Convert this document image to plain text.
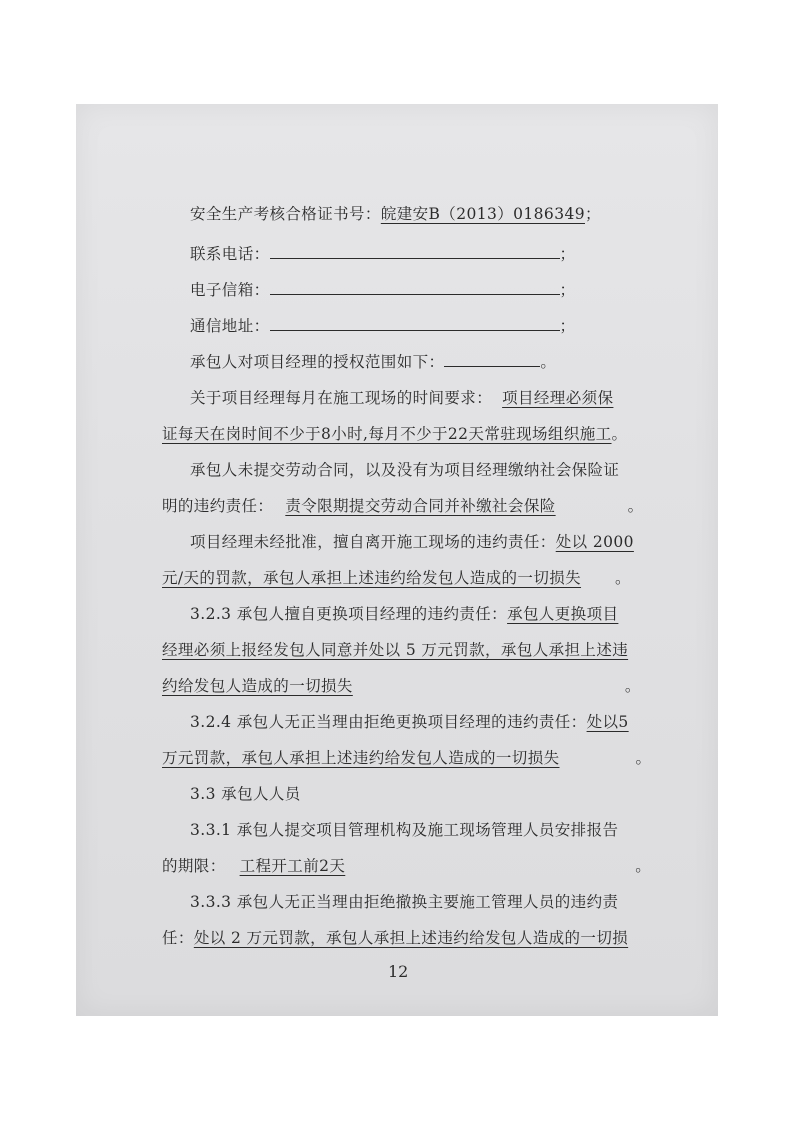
安全生产考核合格证书号：皖建安B（2013）0186349；
联系电话：	；
电子信箱：	；
通信地址：	；
承包人对项目经理的授权范围如下：	。
关于项目经理每月在施工现场的时间要求： 项目经理必须保
证每天在岗时间不少于8小时,每月不少于22天常驻现场组织施工。
承包人未提交劳动合同，以及没有为项目经理缴纳社会保险证
明的违约责任： 责令限期提交劳动合同并补缴社会保险	。
项目经理未经批准，擅自离开施工现场的违约责任：处以 2000
元/天的罚款，承包人承担上述违约给发包人造成的一切损失 。
3.2.3 承包人擅自更换项目经理的违约责任：承包人更换项目
经理必须上报经发包人同意并处以 5 万元罚款，承包人承担上述违
约给发包人造成的一切损失	。
3.2.4 承包人无正当理由拒绝更换项目经理的违约责任：处以5
万元罚款，承包人承担上述违约给发包人造成的一切损失	。
3.3 承包人人员
3.3.1 承包人提交项目管理机构及施工现场管理人员安排报告
的期限： 工程开工前2天	。
3.3.3 承包人无正当理由拒绝撤换主要施工管理人员的违约责
任：处以 2 万元罚款，承包人承担上述违约给发包人造成的一切损
12
